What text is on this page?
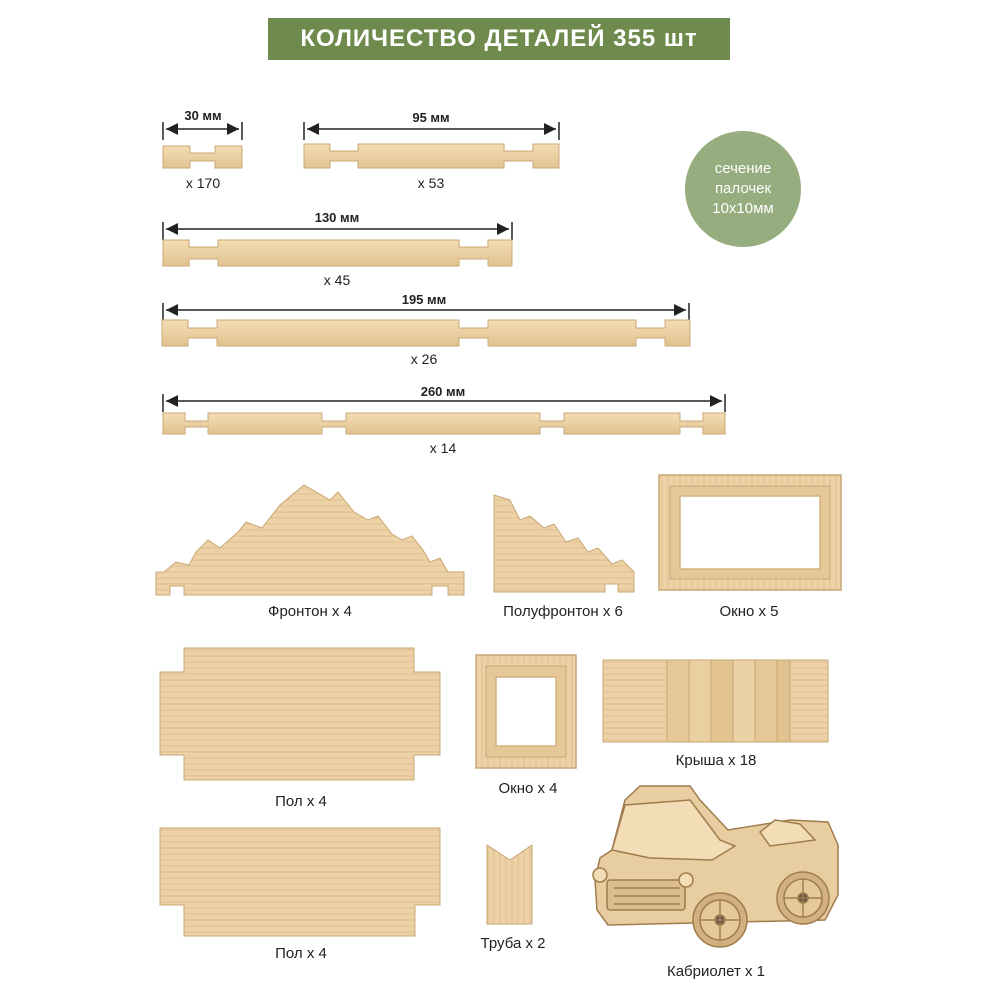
КОЛИЧЕСТВО ДЕТАЛЕЙ 355 шт
сечение
палочек
10х10мм
30 мм
х 170
95 мм
х 53
130 мм
х 45
195 мм
х 26
260 мм
х 14
Фронтон х 4	Полуфронтон х 6	Окно х 5
Пол х 4
Окно х 4
Крыша х 18
Пол х 4
Труба х 2
Кабриолет х 1
